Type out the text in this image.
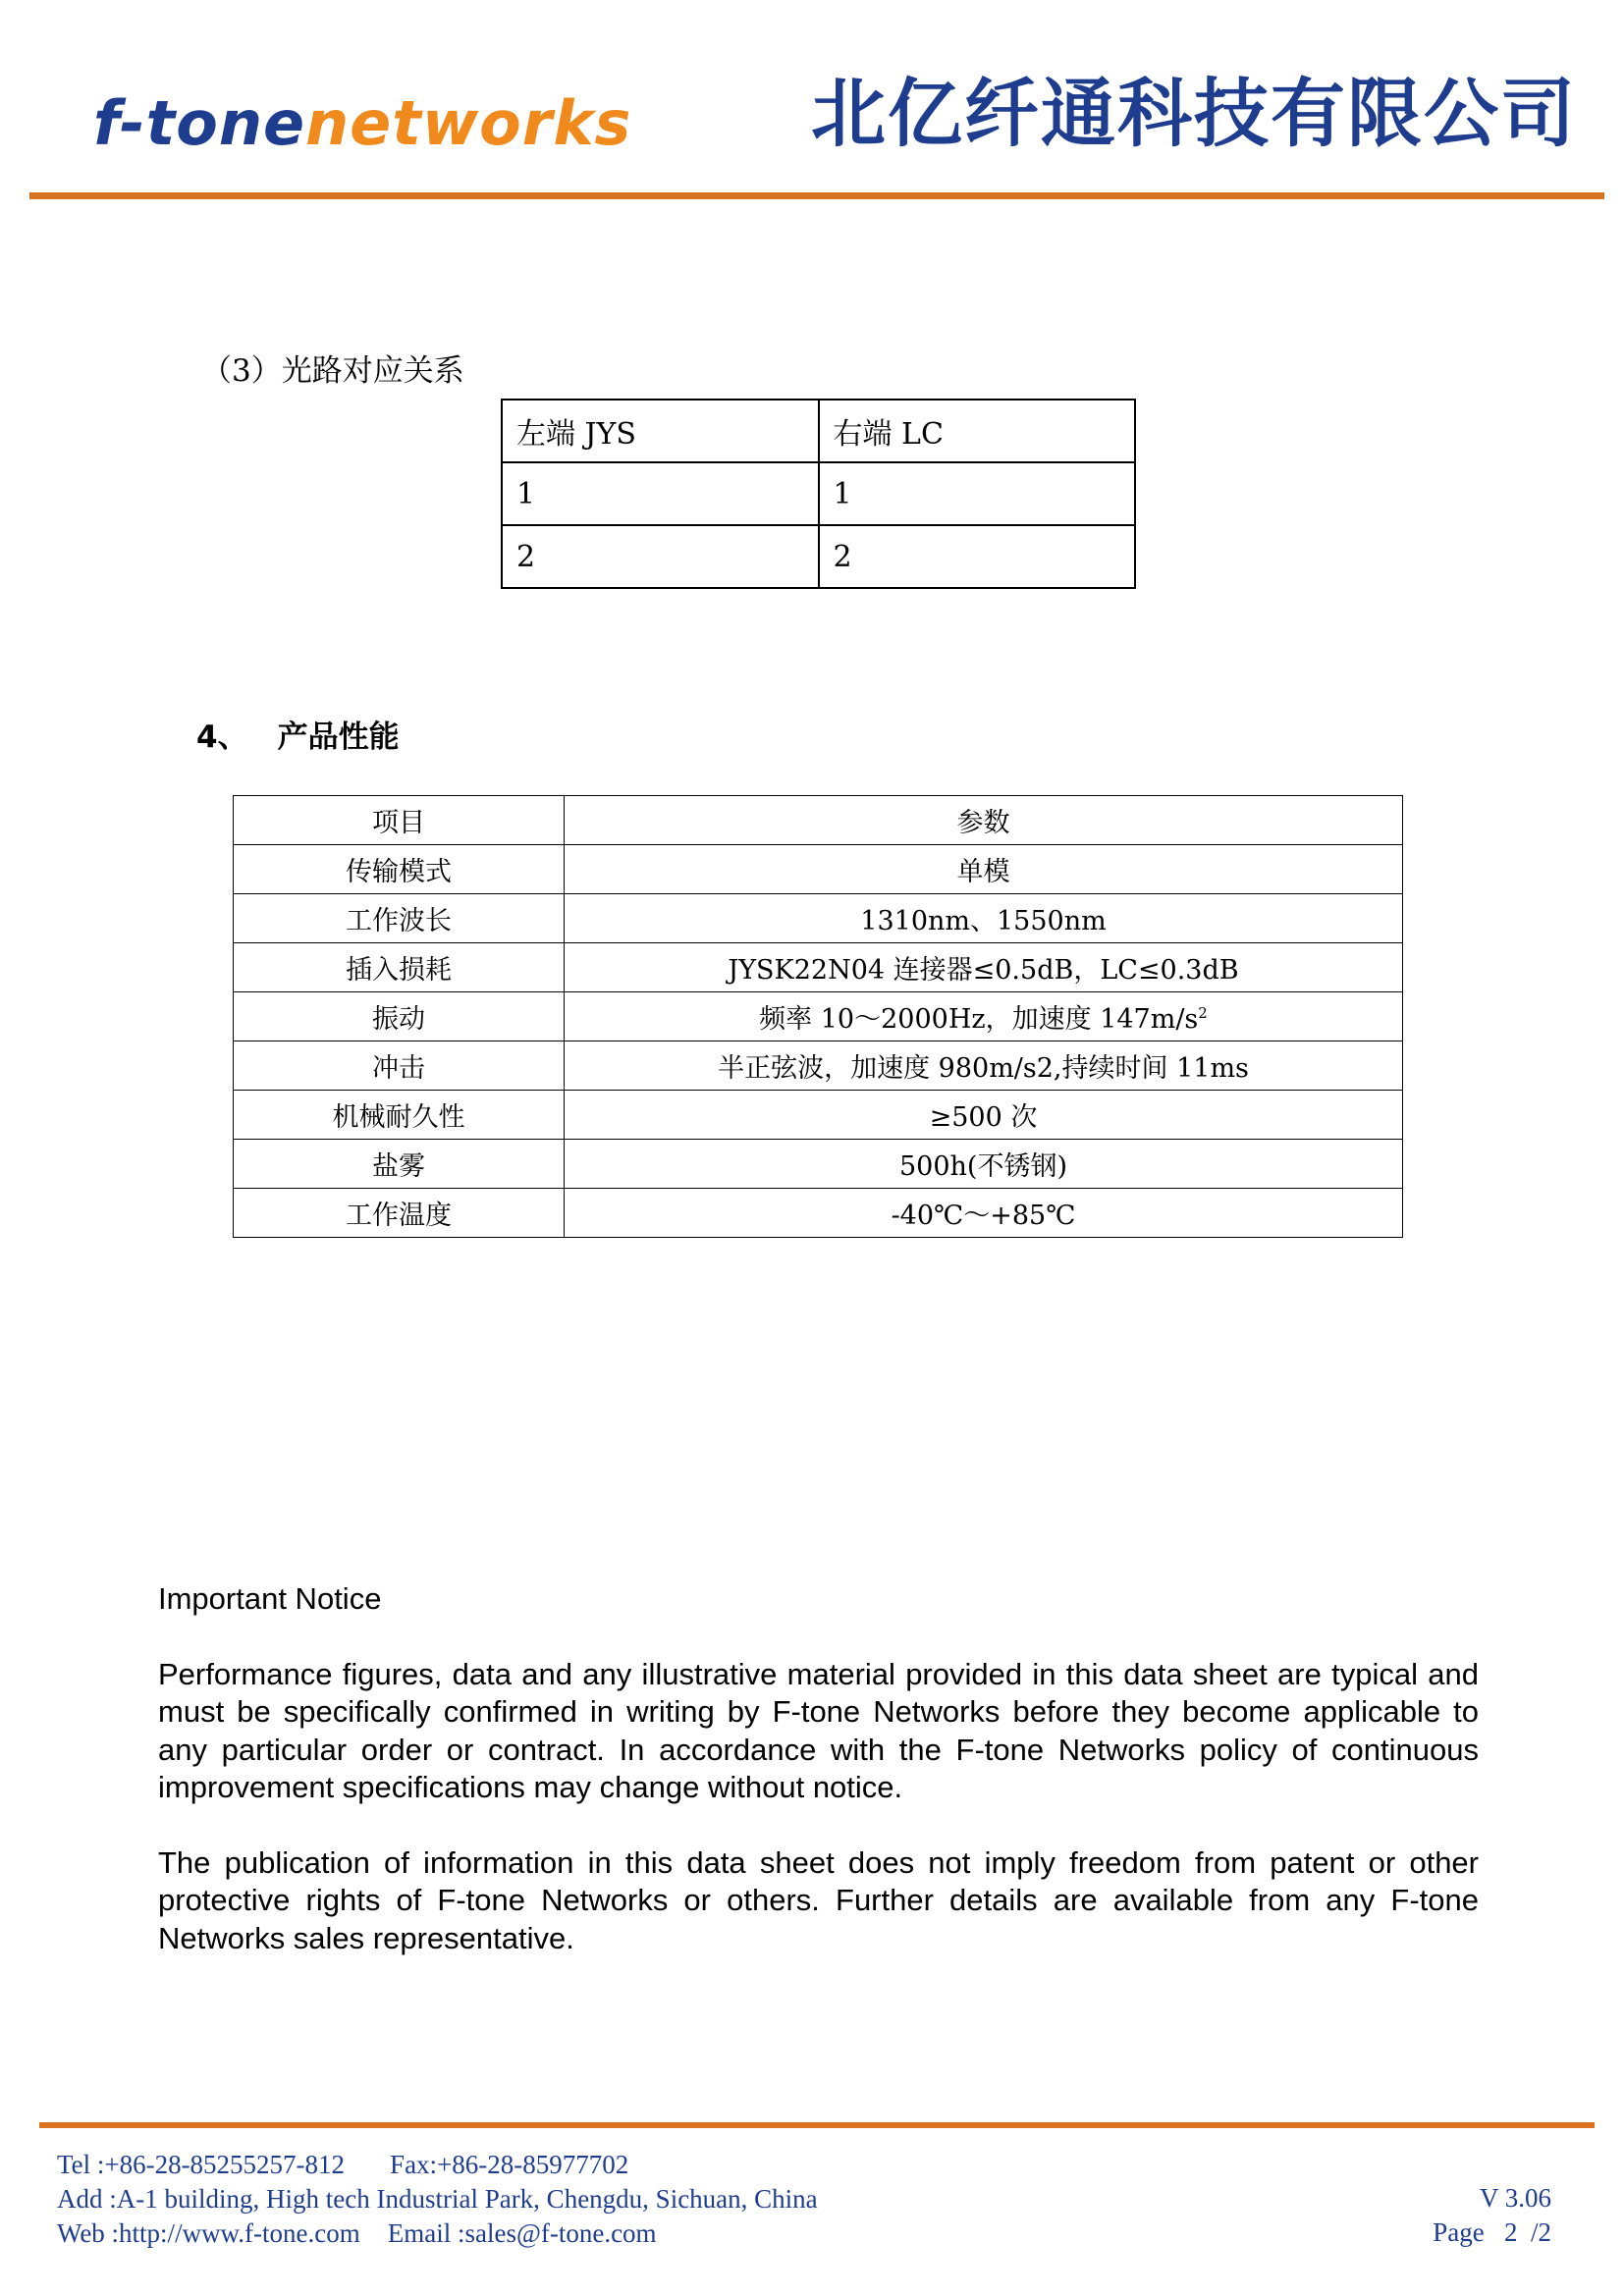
f-tonenetworks 北亿纤通科技有限公司
（3）光路对应关系
左端 JYS	右端 LC
1	1
2	2
4、 产品性能
项目	参数
传输模式	单模
工作波长	1310nm、1550nm
插入损耗	JYSK22N04 连接器≤0.5dB，LC≤0.3dB
振动	频率 10～2000Hz，加速度 $147m/s^2$
冲击	半正弦波，加速度 980m/s2,持续时间 11ms
机械耐久性	≥500 次
盐雾	500h(不锈钢)
工作温度	-40℃～+85℃

Important Notice

Performance figures, data and any illustrative material provided in this data sheet are typical and must be specifically confirmed in writing by F-tone Networks before they become applicable to any particular order or contract. In accordance with the F-tone Networks policy of continuous improvement specifications may change without notice.

The publication of information in this data sheet does not imply freedom from patent or other protective rights of F-tone Networks or others. Further details are available from any F-tone Networks sales representative.

Tel :+86-28-85255257-812 Fax:+86-28-85977702
Add :A-1 building, High tech Industrial Park, Chengdu, Sichuan, China
Web :http://www.f-tone.com Email :sales@f-tone.com
V 3.06
Page   2  /2
